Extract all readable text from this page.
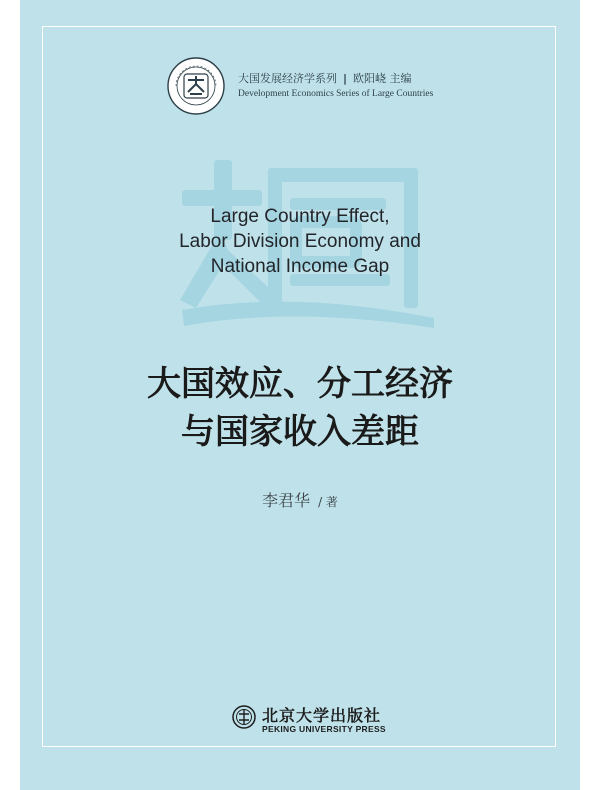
大国发展经济学系列 | 欧阳峣 主编
Development Economics Series of Large Countries
Large Country Effect,
Labor Division Economy and
National Income Gap
大国效应、分工经济
与国家收入差距
李君华 / 著
北京大学出版社
PEKING UNIVERSITY PRESS
